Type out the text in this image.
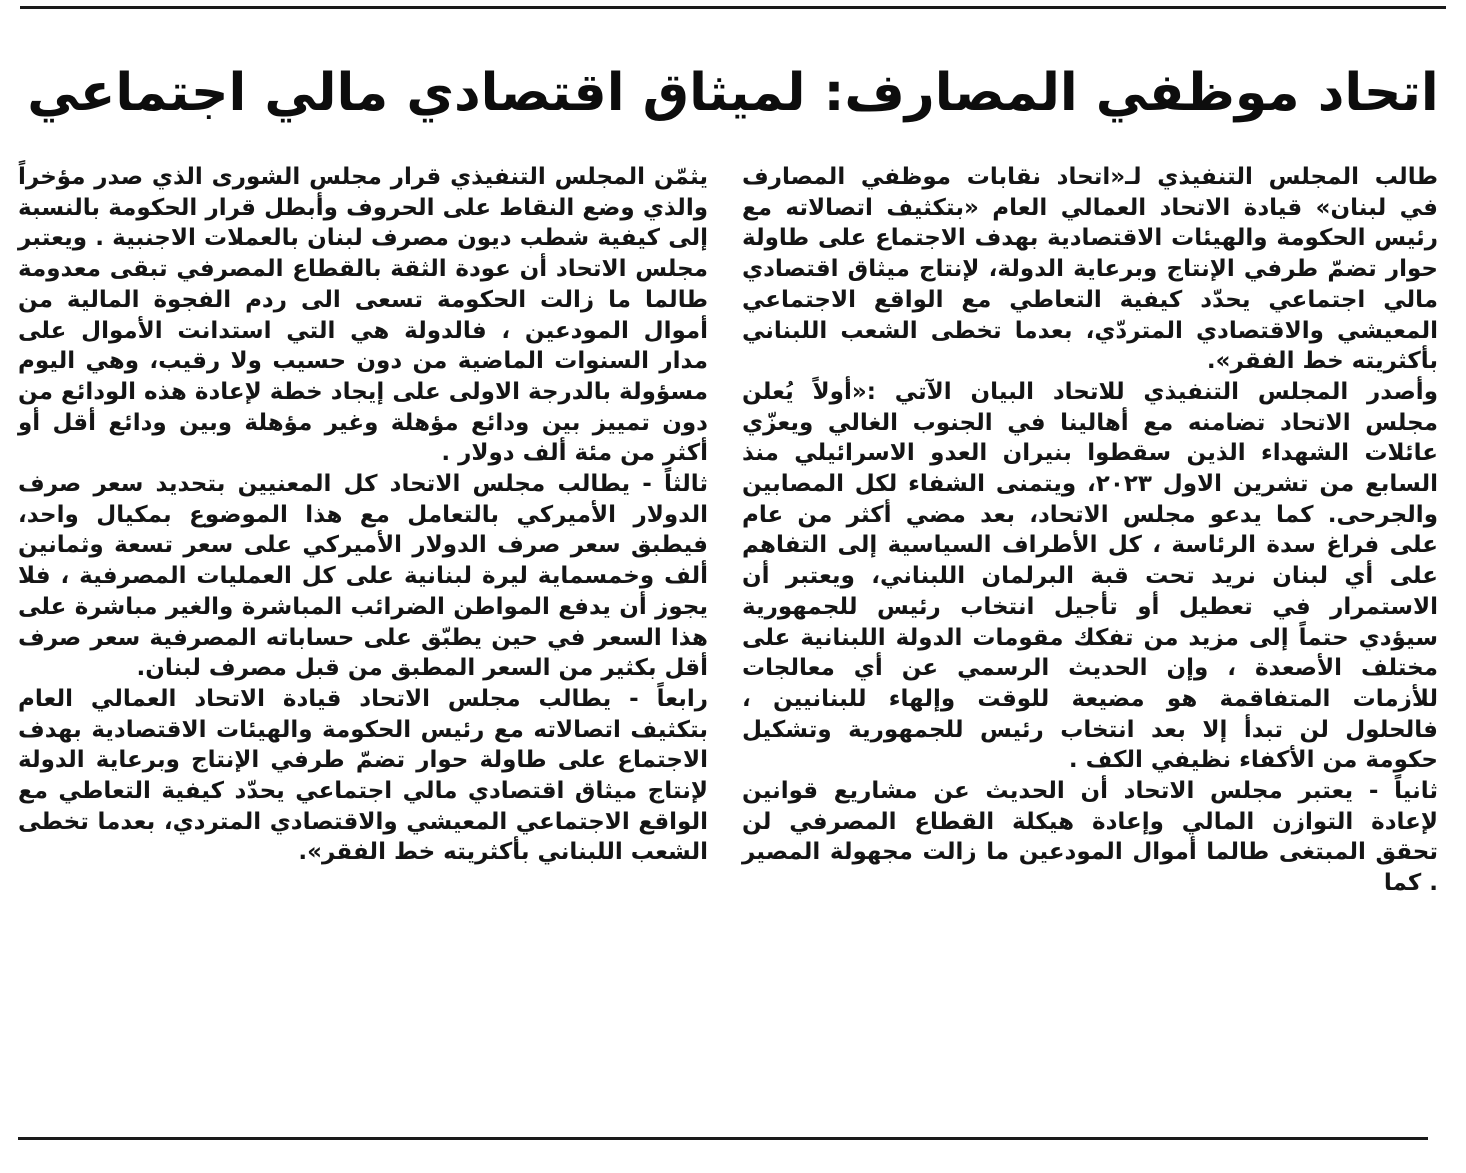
اتحاد موظفي المصارف: لميثاق اقتصادي مالي اجتماعي

طالب المجلس التنفيذي لـ«اتحاد نقابات موظفي المصارف في لبنان» قيادة الاتحاد العمالي العام «بتكثيف اتصالاته مع رئيس الحكومة والهيئات الاقتصادية بهدف الاجتماع على طاولة حوار تضمّ طرفي الإنتاج وبرعاية الدولة، لإنتاج ميثاق اقتصادي مالي اجتماعي يحدّد كيفية التعاطي مع الواقع الاجتماعي المعيشي والاقتصادي المتردّي، بعدما تخطى الشعب اللبناني بأكثريته خط الفقر».

وأصدر المجلس التنفيذي للاتحاد البيان الآتي :«أولاً يُعلن مجلس الاتحاد تضامنه مع أهالينا في الجنوب الغالي ويعزّي عائلات الشهداء الذين سقطوا بنيران العدو الاسرائيلي منذ السابع من تشرين الاول ٢٠٢٣، ويتمنى الشفاء لكل المصابين والجرحى. كما يدعو مجلس الاتحاد، بعد مضي أكثر من عام على فراغ سدة الرئاسة ، كل الأطراف السياسية إلى التفاهم على أي لبنان نريد تحت قبة البرلمان اللبناني، ويعتبر أن الاستمرار في تعطيل أو تأجيل انتخاب رئيس للجمهورية سيؤدي حتماً إلى مزيد من تفكك مقومات الدولة اللبنانية على مختلف الأصعدة ، وإن الحديث الرسمي عن أي معالجات للأزمات المتفاقمة هو مضيعة للوقت وإلهاء للبنانيين ، فالحلول لن تبدأ إلا بعد انتخاب رئيس للجمهورية وتشكيل حكومة من الأكفاء نظيفي الكف .

ثانياً - يعتبر مجلس الاتحاد أن الحديث عن مشاريع قوانين لإعادة التوازن المالي وإعادة هيكلة القطاع المصرفي لن تحقق المبتغى طالما أموال المودعين ما زالت مجهولة المصير . كما

يثمّن المجلس التنفيذي قرار مجلس الشورى الذي صدر مؤخراً والذي وضع النقاط على الحروف وأبطل قرار الحكومة بالنسبة إلى كيفية شطب ديون مصرف لبنان بالعملات الاجنبية . ويعتبر مجلس الاتحاد أن عودة الثقة بالقطاع المصرفي تبقى معدومة طالما ما زالت الحكومة تسعى الى ردم الفجوة المالية من أموال المودعين ، فالدولة هي التي استدانت الأموال على مدار السنوات الماضية من دون حسيب ولا رقيب، وهي اليوم مسؤولة بالدرجة الاولى على إيجاد خطة لإعادة هذه الودائع من دون تمييز بين ودائع مؤهلة وغير مؤهلة وبين ودائع أقل أو أكثر من مئة ألف دولار .

ثالثاً - يطالب مجلس الاتحاد كل المعنيين بتحديد سعر صرف الدولار الأميركي بالتعامل مع هذا الموضوع بمكيال واحد، فيطبق سعر صرف الدولار الأميركي على سعر تسعة وثمانين ألف وخمسماية ليرة لبنانية على كل العمليات المصرفية ، فلا يجوز أن يدفع المواطن الضرائب المباشرة والغير مباشرة على هذا السعر في حين يطبّق على حساباته المصرفية سعر صرف أقل بكثير من السعر المطبق من قبل مصرف لبنان.

رابعاً - يطالب مجلس الاتحاد قيادة الاتحاد العمالي العام بتكثيف اتصالاته مع رئيس الحكومة والهيئات الاقتصادية بهدف الاجتماع على طاولة حوار تضمّ طرفي الإنتاج وبرعاية الدولة لإنتاج ميثاق اقتصادي مالي اجتماعي يحدّد كيفية التعاطي مع الواقع الاجتماعي المعيشي والاقتصادي المتردي، بعدما تخطى الشعب اللبناني بأكثريته خط الفقر».
